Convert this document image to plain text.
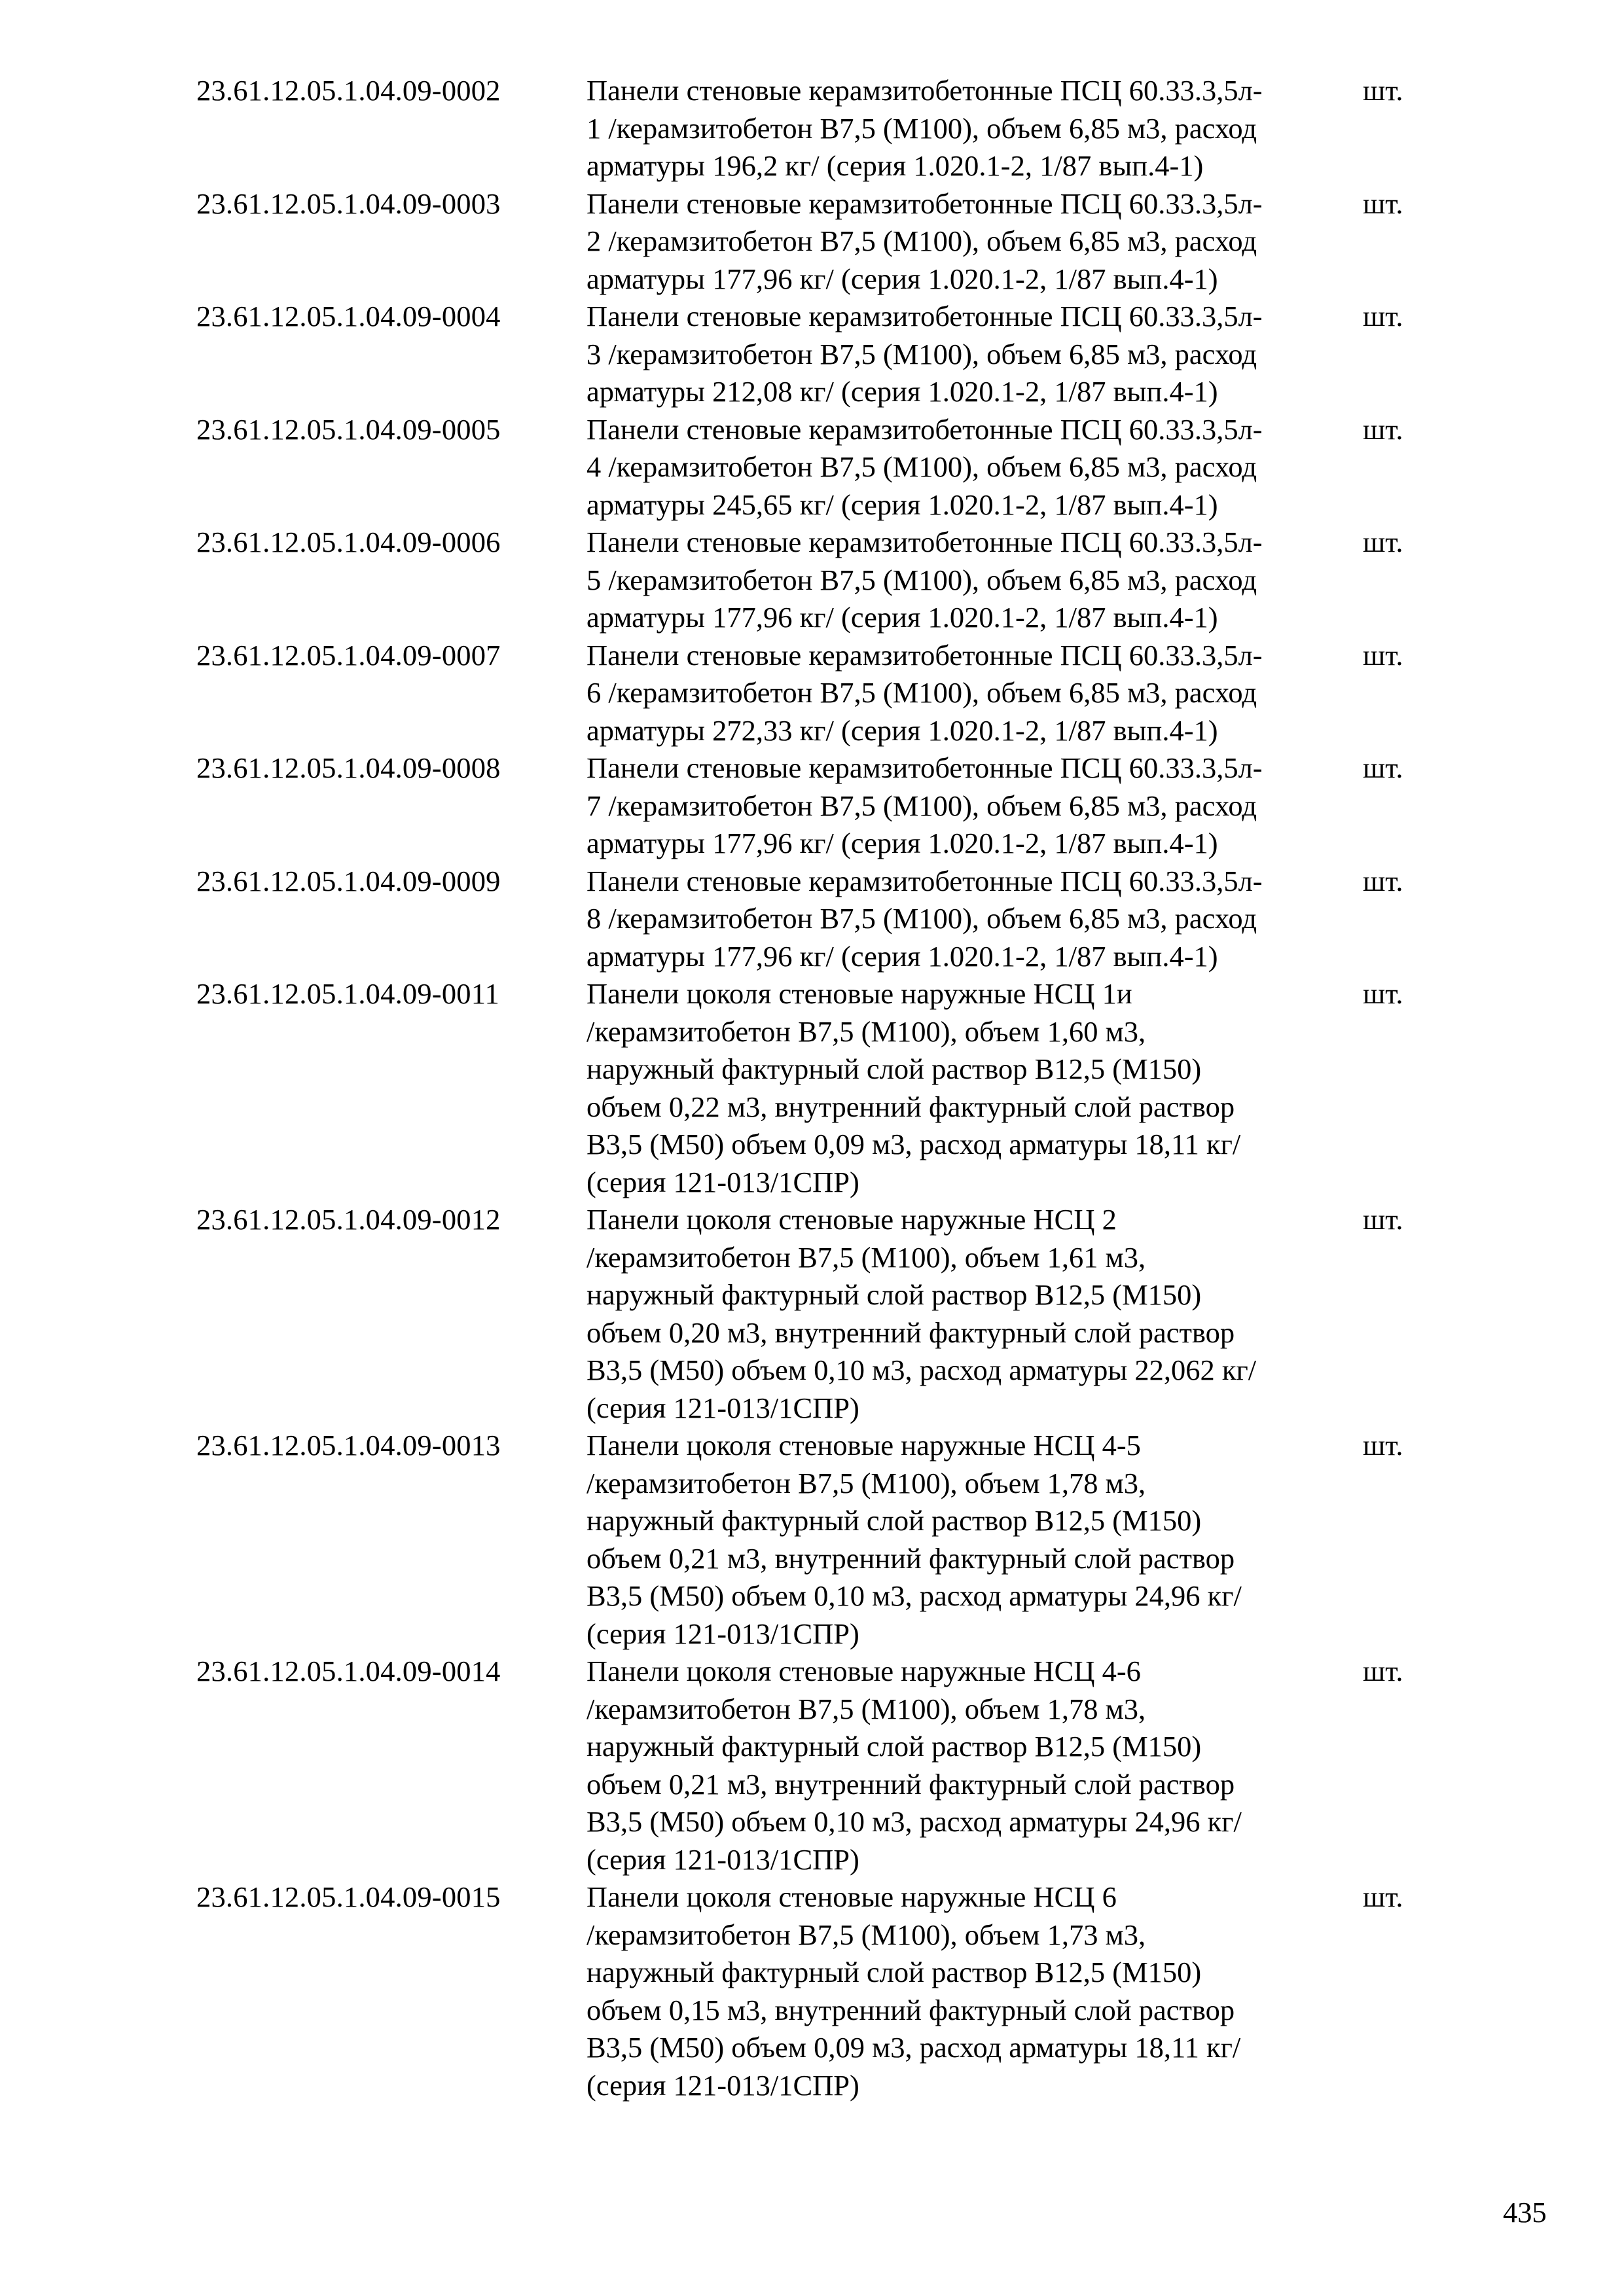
23.61.12.05.1.04.09-0002	Панели стеновые керамзитобетонные ПСЦ 60.33.3,5л-
1 /керамзитобетон В7,5 (М100), объем 6,85 м3, расход
арматуры 196,2 кг/ (серия 1.020.1-2, 1/87 вып.4-1)
шт.
23.61.12.05.1.04.09-0003	Панели стеновые керамзитобетонные ПСЦ 60.33.3,5л-
2 /керамзитобетон В7,5 (М100), объем 6,85 м3, расход
арматуры 177,96 кг/ (серия 1.020.1-2, 1/87 вып.4-1)
шт.
23.61.12.05.1.04.09-0004	Панели стеновые керамзитобетонные ПСЦ 60.33.3,5л-
3 /керамзитобетон В7,5 (М100), объем 6,85 м3, расход
арматуры 212,08 кг/ (серия 1.020.1-2, 1/87 вып.4-1)
шт.
23.61.12.05.1.04.09-0005	Панели стеновые керамзитобетонные ПСЦ 60.33.3,5л-
4 /керамзитобетон В7,5 (М100), объем 6,85 м3, расход
арматуры 245,65 кг/ (серия 1.020.1-2, 1/87 вып.4-1)
шт.
23.61.12.05.1.04.09-0006	Панели стеновые керамзитобетонные ПСЦ 60.33.3,5л-
5 /керамзитобетон В7,5 (М100), объем 6,85 м3, расход
арматуры 177,96 кг/ (серия 1.020.1-2, 1/87 вып.4-1)
шт.
23.61.12.05.1.04.09-0007	Панели стеновые керамзитобетонные ПСЦ 60.33.3,5л-
6 /керамзитобетон В7,5 (М100), объем 6,85 м3, расход
арматуры 272,33 кг/ (серия 1.020.1-2, 1/87 вып.4-1)
шт.
23.61.12.05.1.04.09-0008	Панели стеновые керамзитобетонные ПСЦ 60.33.3,5л-
7 /керамзитобетон В7,5 (М100), объем 6,85 м3, расход
арматуры 177,96 кг/ (серия 1.020.1-2, 1/87 вып.4-1)
шт.
23.61.12.05.1.04.09-0009	Панели стеновые керамзитобетонные ПСЦ 60.33.3,5л-
8 /керамзитобетон В7,5 (М100), объем 6,85 м3, расход
арматуры 177,96 кг/ (серия 1.020.1-2, 1/87 вып.4-1)
шт.
23.61.12.05.1.04.09-0011	Панели цоколя стеновые наружные НСЦ 1и
/керамзитобетон В7,5 (М100), объем 1,60 м3,
наружный фактурный слой раствор В12,5 (М150)
объем 0,22 м3, внутренний фактурный слой раствор
В3,5 (М50) объем 0,09 м3, расход арматуры 18,11 кг/
(серия 121-013/1СПР)
шт.
23.61.12.05.1.04.09-0012	Панели цоколя стеновые наружные НСЦ 2
/керамзитобетон В7,5 (М100), объем 1,61 м3,
наружный фактурный слой раствор В12,5 (М150)
объем 0,20 м3, внутренний фактурный слой раствор
В3,5 (М50) объем 0,10 м3, расход арматуры 22,062 кг/
(серия 121-013/1СПР)
шт.
23.61.12.05.1.04.09-0013	Панели цоколя стеновые наружные НСЦ 4-5
/керамзитобетон В7,5 (М100), объем 1,78 м3,
наружный фактурный слой раствор В12,5 (М150)
объем 0,21 м3, внутренний фактурный слой раствор
В3,5 (М50) объем 0,10 м3, расход арматуры 24,96 кг/
(серия 121-013/1СПР)
шт.
23.61.12.05.1.04.09-0014	Панели цоколя стеновые наружные НСЦ 4-6
/керамзитобетон В7,5 (М100), объем 1,78 м3,
наружный фактурный слой раствор В12,5 (М150)
объем 0,21 м3, внутренний фактурный слой раствор
В3,5 (М50) объем 0,10 м3, расход арматуры 24,96 кг/
(серия 121-013/1СПР)
шт.
23.61.12.05.1.04.09-0015	Панели цоколя стеновые наружные НСЦ 6
/керамзитобетон В7,5 (М100), объем 1,73 м3,
наружный фактурный слой раствор В12,5 (М150)
объем 0,15 м3, внутренний фактурный слой раствор
В3,5 (М50) объем 0,09 м3, расход арматуры 18,11 кг/
(серия 121-013/1СПР)
шт.
435
